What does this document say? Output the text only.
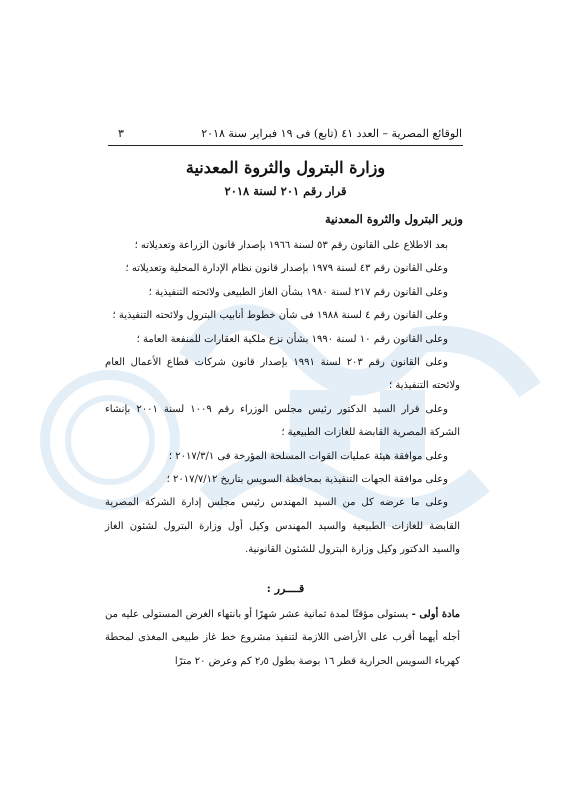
الوقائع المصرية – العدد ٤١ (تابع) فى ١٩ فبراير سنة ٢٠١٨
٣
وزارة البترول والثروة المعدنية
قرار رقم ٢٠١ لسنة ٢٠١٨
وزير البترول والثروة المعدنية

بعد الاطلاع على القانون رقم ٥٣ لسنة ١٩٦٦ بإصدار قانون الزراعة وتعديلاته ؛

وعلى القانون رقم ٤٣ لسنة ١٩٧٩ بإصدار قانون نظام الإدارة المحلية وتعديلاته ؛

وعلى القانون رقم ٢١٧ لسنة ١٩٨٠ بشأن الغاز الطبيعى ولائحته التنفيذية ؛

وعلى القانون رقم ٤ لسنة ١٩٨٨ فى شأن خطوط أنابيب البترول ولائحته التنفيذية ؛

وعلى القانون رقم ١٠ لسنة ١٩٩٠ بشأن نزع ملكية العقارات للمنفعة العامة ؛

وعلى القانون رقم ٢٠٣ لسنة ١٩٩١ بإصدار قانون شركات قطاع الأعمال العام ولائحته التنفيذية ؛

وعلى قرار السيد الدكتور رئيس مجلس الوزراء رقم ١٠٠٩ لسنة ٢٠٠١ بإنشاء الشركة المصرية القابضة للغازات الطبيعية ؛

وعلى موافقة هيئة عمليات القوات المسلحة المؤرخة فى ٢٠١٧/٣/١ ؛

وعلى موافقة الجهات التنفيذية بمحافظة السويس بتاريخ ٢٠١٧/٧/١٢ ؛

وعلى ما عرضه كل من السيد المهندس رئيس مجلس إدارة الشركة المصرية القابضة للغازات الطبيعية والسيد المهندس وكيل أول وزارة البترول لشئون الغاز والسيد الدكتور وكيل وزارة البترول للشئون القانونية.

قــــرر :
مادة أولى - يستولى مؤقتًا لمدة ثمانية عشر شهرًا أو بانتهاء الغرض المستولى عليه من أجله أيهما أقرب على الأراضى اللازمة لتنفيذ مشروع خط غاز طبيعى المغذى لمحطة كهرباء السويس الحرارية قطر ١٦ بوصة بطول ٢٫٥ كم وعرض ٢٠ مترًا
